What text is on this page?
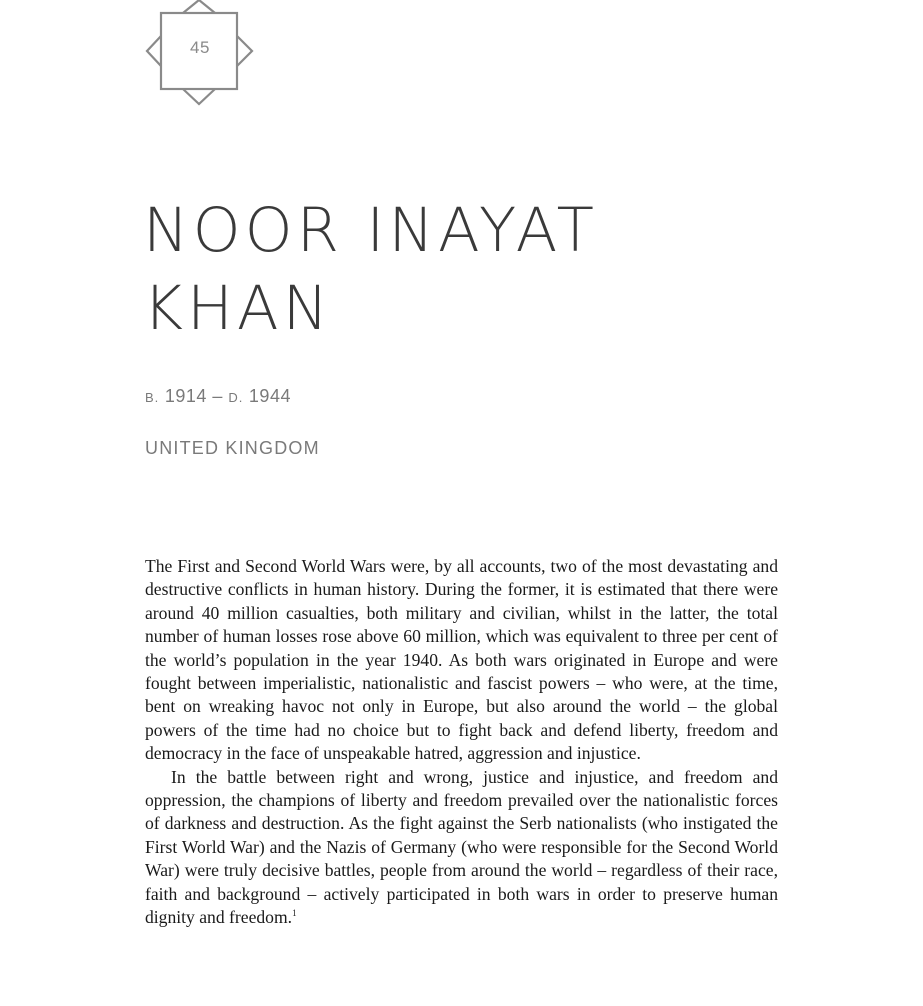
45
NOOR INAYAT
KHAN
B. 1914 – D. 1944
UNITED KINGDOM

The First and Second World Wars were, by all accounts, two of the most devastating and destructive conflicts in human history. During the former, it is estimated that there were around 40 million casualties, both military and civilian, whilst in the latter, the total number of human losses rose above 60 million, which was equivalent to three per cent of the world’s population in the year 1940. As both wars originated in Europe and were fought between imperialistic, nationalistic and fascist powers – who were, at the time, bent on wreaking havoc not only in Europe, but also around the world – the global powers of the time had no choice but to fight back and defend liberty, freedom and democracy in the face of unspeakable hatred, aggression and injustice.

In the battle between right and wrong, justice and injustice, and freedom and oppression, the champions of liberty and freedom prevailed over the nationalistic forces of darkness and destruction. As the fight against the Serb nationalists (who instigated the First World War) and the Nazis of Germany (who were responsible for the Second World War) were truly decisive battles, people from around the world – regardless of their race, faith and background – actively participated in both wars in order to preserve human dignity and freedom.$^1$
